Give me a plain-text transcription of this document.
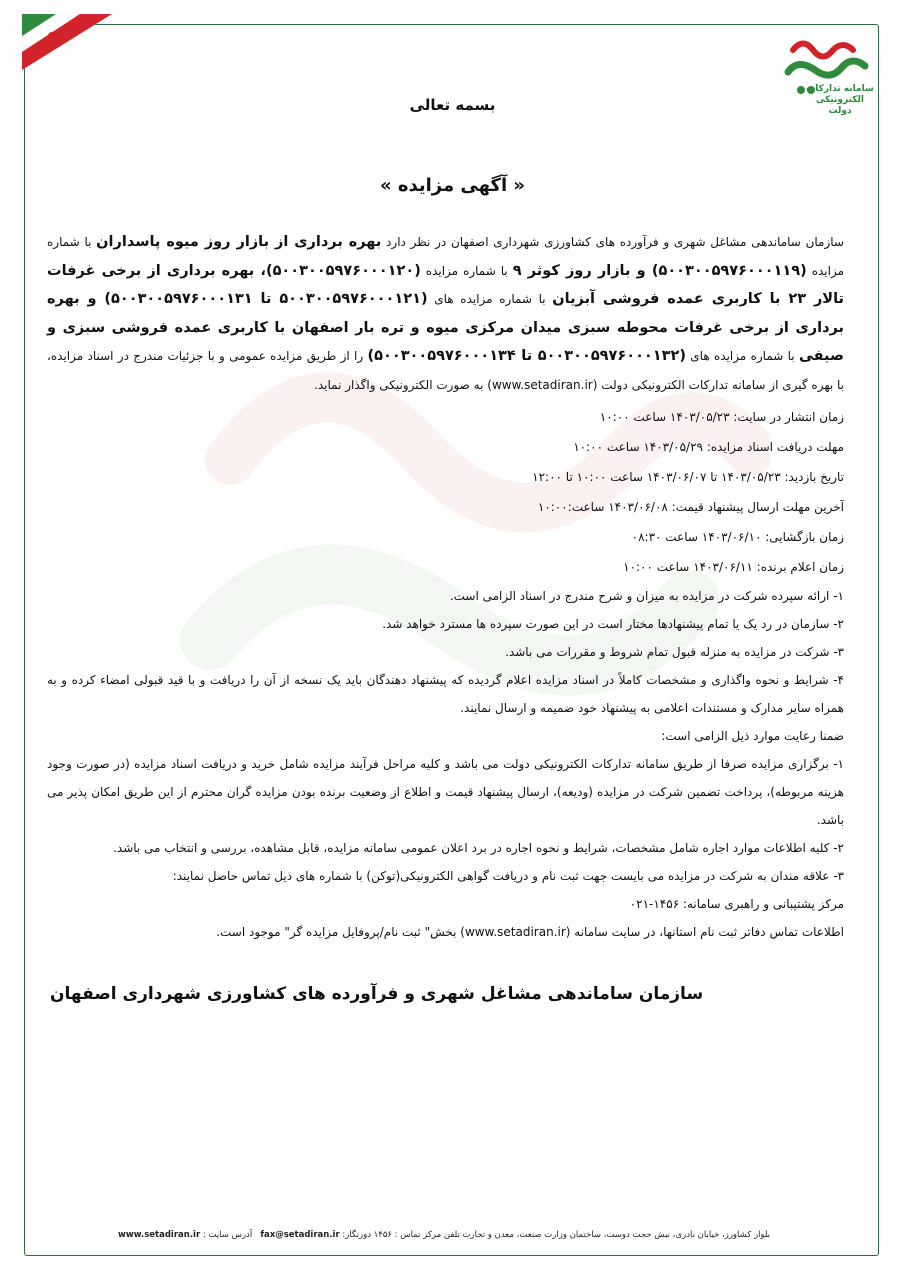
سامانه تدارکات الکترونیکی دولت
بسمه تعالی
« آگهی مزایده »

سازمان ساماندهی مشاغل شهری و فرآورده های کشاورزی شهرداری اصفهان در نظر دارد بهره برداری از بازار روز میوه پاسداران با شماره مزایده (۵۰۰۳۰۰۵۹۷۶۰۰۰۱۱۹) و بازار روز کوثر ۹ با شماره مزایده (۵۰۰۳۰۰۵۹۷۶۰۰۰۱۲۰)، بهره برداری از برخی غرفات تالار ۲۳ با کاربری عمده فروشی آبزیان با شماره مزایده های (۵۰۰۳۰۰۵۹۷۶۰۰۰۱۲۱ تا ۵۰۰۳۰۰۵۹۷۶۰۰۰۱۳۱) و بهره برداری از برخی غرفات محوطه سبزی میدان مرکزی میوه و تره بار اصفهان با کاربری عمده فروشی سبزی و صیفی با شماره مزایده های (۵۰۰۳۰۰۵۹۷۶۰۰۰۱۳۲ تا ۵۰۰۳۰۰۵۹۷۶۰۰۰۱۳۴) را از طریق مزایده عمومی و با جزئیات مندرج در اسناد مزایده، با بهره گیری از سامانه تدارکات الکترونیکی دولت (www.setadiran.ir) به صورت الکترونیکی واگذار نماید.

زمان انتشار در سایت: ۱۴۰۳/۰۵/۲۳ ساعت ۱۰:۰۰

مهلت دریافت اسناد مزایده: ۱۴۰۳/۰۵/۲۹ ساعت ۱۰:۰۰

تاریخ بازدید: ۱۴۰۳/۰۵/۲۳ تا ۱۴۰۳/۰۶/۰۷ ساعت ۱۰:۰۰ تا ۱۲:۰۰

آخرین مهلت ارسال پیشنهاد قیمت: ۱۴۰۳/۰۶/۰۸ ساعت:۱۰:۰۰

زمان بازگشایی: ۱۴۰۳/۰۶/۱۰ ساعت ۰۸:۳۰

زمان اعلام برنده: ۱۴۰۳/۰۶/۱۱ ساعت ۱۰:۰۰

۱- ارائه سپرده شرکت در مزایده به میزان و شرح مندرج در اسناد الزامی است.

۲- سازمان در رد یک یا تمام پیشنهادها مختار است در این صورت سپرده ها مسترد خواهد شد.

۳- شرکت در مزایده به منزله قبول تمام شروط و مقررات می باشد.

۴- شرایط و نحوه واگذاری و مشخصات کاملاً در اسناد مزایده اعلام گردیده که پیشنهاد دهندگان باید یک نسخه از آن را دریافت و با قید قبولی امضاء کرده و به همراه سایر مدارک و مستندات اعلامی به پیشنهاد خود ضمیمه و ارسال نمایند.

ضمنا رعایت موارد ذیل الزامی است:

۱- برگزاری مزایده صرفا از طریق سامانه تدارکات الکترونیکی دولت می باشد و کلیه مراحل فرآیند مزایده شامل خرید و دریافت اسناد مزایده (در صورت وجود هزینه مربوطه)، پرداخت تضمین شرکت در مزایده (ودیعه)، ارسال پیشنهاد قیمت و اطلاع از وضعیت برنده بودن مزایده گران محترم از این طریق امکان پذیر می باشد.

۲- کلیه اطلاعات موارد اجاره شامل مشخصات، شرایط و نحوه اجاره در برد اعلان عمومی سامانه مزایده، قابل مشاهده، بررسی و انتخاب می باشد.

۳- علاقه مندان به شرکت در مزایده می بایست جهت ثبت نام و دریافت گواهی الکترونیکی(توکن) با شماره های ذیل تماس حاصل نمایند:

مرکز پشتیبانی و راهبری سامانه: ۱۴۵۶-۰۲۱

اطلاعات تماس دفاتر ثبت نام استانها، در سایت سامانه (www.setadiran.ir) بخش" ثبت نام/پروفایل مزایده گر" موجود است.

سازمان ساماندهی مشاغل شهری و فرآورده های کشاورزی شهرداری اصفهان
بلوار کشاورز، خیابان نادری، نبش حجت دوست، ساختمان وزارت صنعت، معدن و تجارت تلفن مرکز تماس : ۱۴۵۶ دورنگار: fax@setadiran.ir   آدرس سایت : www.setadiran.ir
